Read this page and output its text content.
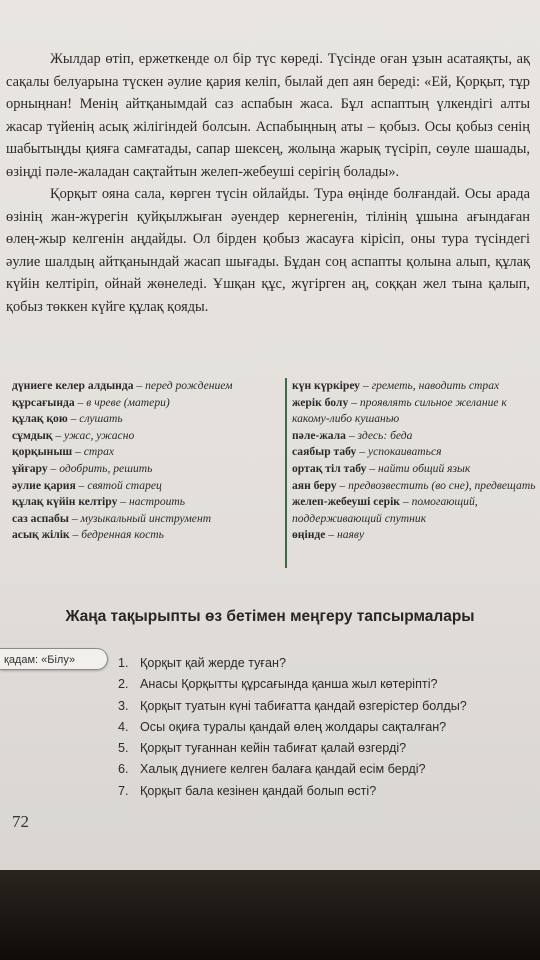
Жылдар өтіп, ержеткенде ол бір түс көреді. Түсінде оған ұзын асатаяқты, ақ сақалы белуарына түскен әулие қария келіп, былай деп аян береді: «Ей, Қорқыт, тұр орныңнан! Менің айтқанымдай саз аспабын жаса. Бұл аспаптың үлкендігі алты жасар түйенің асық жілігіндей болсын. Аспабыңның аты – қобыз. Осы қобыз сенің шабытыңды қияға самғатады, сапар шексең, жолыңа жарық түсіріп, сөуле шашады, өзіңді пәле-жаладан сақтайтын желеп-жебеуші серігің болады».

Қорқыт ояна сала, көрген түсін ойлайды. Тура өңінде болғандай. Осы арада өзінің жан-жүрегін қуйқылжыған әуендер кернегенін, тілінің ұшына ағындаған өлең-жыр келгенін аңдайды. Ол бірден қобыз жасауға кірісіп, оны тура түсіндегі әулие шалдың айтқанындай жасап шығады. Бұдан соң аспапты қолына алып, құлақ күйін келтіріп, ойнай жөнеледі. Ұшқан құс, жүгірген аң, соққан жел тына қалып, қобыз төккен күйге құлақ қояды.

дүниеге келер алдында – перед рождением
құрсағында – в чреве (матери)
құлақ қою – слушать
сұмдық – ужас, ужасно
қорқыныш – страх
ұйғару – одобрить, решить
әулие қария – святой старец
құлақ күйін келтіру – настроить
саз аспабы – музыкальный инструмент
асық жілік – бедренная кость
күн күркіреу – греметь, наводить страх
жерік болу – проявлять сильное желание к какому-либо кушанью
пәле-жала – здесь: беда
саябыр табу – успокаиваться
ортақ тіл табу – найти общий язык
аян беру – предвозвестить (во сне), предвещать
желеп-жебеуші серік – помогающий, поддерживающий спутник
өңінде – наяву
Жаңа тақырыпты өз бетімен меңгеру тапсырмалары
қадам: «Білу»	1. Қорқыт қай жерде туған?
2. Анасы Қорқытты құрсағында қанша жыл көтеріпті?
3. Қорқыт туатын күні табиғатта қандай өзгерістер болды?
4. Осы оқиға туралы қандай өлең жолдары сақталған?
5. Қорқыт туғаннан кейін табиғат қалай өзгерді?
6. Халық дүниеге келген балаға қандай есім берді?
7. Қорқыт бала кезінен қандай болып өсті?
72
